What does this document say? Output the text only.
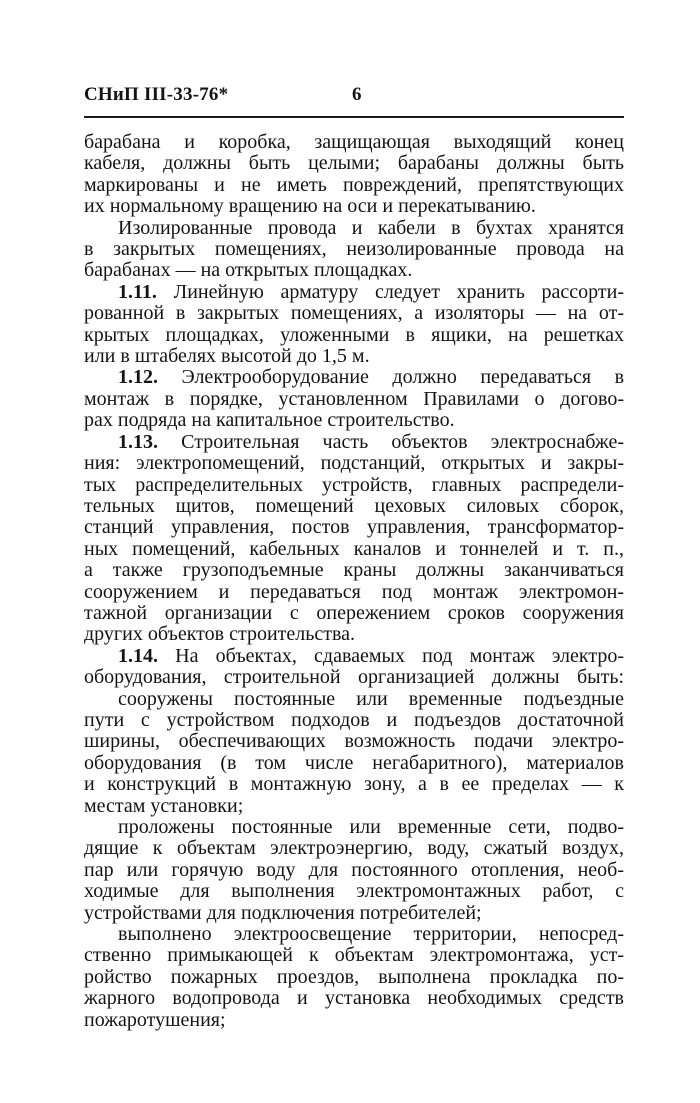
СНиП III-33-76*	6
барабана и коробка, защищающая выходящий конец
кабеля, должны быть целыми; барабаны должны быть
маркированы и не иметь повреждений, препятствующих
их нормальному вращению на оси и перекатыванию.
Изолированные провода и кабели в бухтах хранятся
в закрытых помещениях, неизолированные провода на
барабанах — на открытых площадках.
1.11. Линейную арматуру следует хранить рассорти-
рованной в закрытых помещениях, а изоляторы — на от-
крытых площадках, уложенными в ящики, на решетках
или в штабелях высотой до 1,5 м.
1.12. Электрооборудование должно передаваться в
монтаж в порядке, установленном Правилами о догово-
рах подряда на капитальное строительство.
1.13. Строительная часть объектов электроснабже-
ния: электропомещений, подстанций, открытых и закры-
тых распределительных устройств, главных распредели-
тельных щитов, помещений цеховых силовых сборок,
станций управления, постов управления, трансформатор-
ных помещений, кабельных каналов и тоннелей и т. п.,
а также грузоподъемные краны должны заканчиваться
сооружением и передаваться под монтаж электромон-
тажной организации с опережением сроков сооружения
других объектов строительства.
1.14. На объектах, сдаваемых под монтаж электро-
оборудования, строительной организацией должны быть:
сооружены постоянные или временные подъездные
пути с устройством подходов и подъездов достаточной
ширины, обеспечивающих возможность подачи электро-
оборудования (в том числе негабаритного), материалов
и конструкций в монтажную зону, а в ее пределах — к
местам установки;
проложены постоянные или временные сети, подво-
дящие к объектам электроэнергию, воду, сжатый воздух,
пар или горячую воду для постоянного отопления, необ-
ходимые для выполнения электромонтажных работ, с
устройствами для подключения потребителей;
выполнено электроосвещение территории, непосред-
ственно примыкающей к объектам электромонтажа, уст-
ройство пожарных проездов, выполнена прокладка по-
жарного водопровода и установка необходимых средств
пожаротушения;
